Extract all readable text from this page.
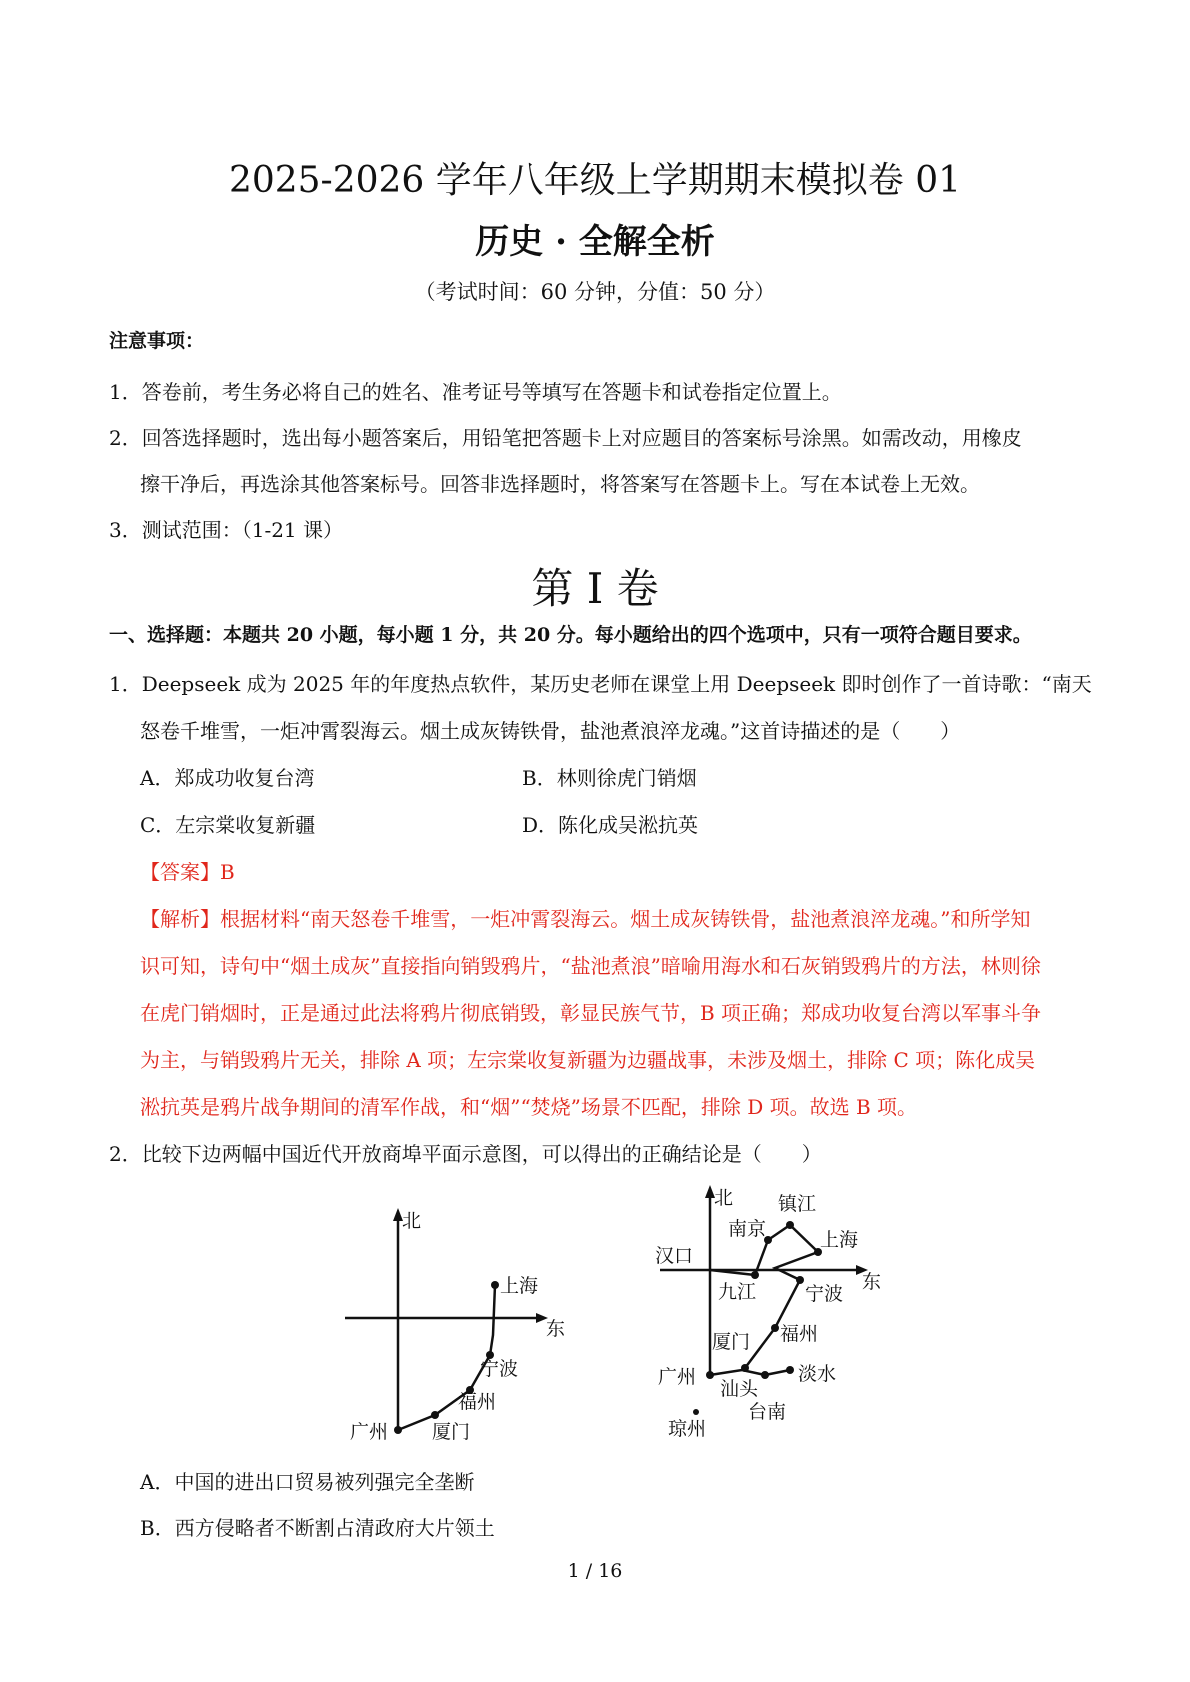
2025-2026 学年八年级上学期期末模拟卷 01
历史 · 全解全析
（考试时间：60 分钟，分值：50 分）
注意事项：
1．答卷前，考生务必将自己的姓名、准考证号等填写在答题卡和试卷指定位置上。
2．回答选择题时，选出每小题答案后，用铅笔把答题卡上对应题目的答案标号涂黑。如需改动，用橡皮
擦干净后，再选涂其他答案标号。回答非选择题时，将答案写在答题卡上。写在本试卷上无效。
3．测试范围：（1-21 课）
第 I 卷
一、选择题：本题共 20 小题，每小题 1 分，共 20 分。每小题给出的四个选项中，只有一项符合题目要求。
1．Deepseek 成为 2025 年的年度热点软件，某历史老师在课堂上用 Deepseek 即时创作了一首诗歌：“南天
怒卷千堆雪，一炬冲霄裂海云。烟土成灰铸铁骨，盐池煮浪淬龙魂。”这首诗描述的是（　　）
A．郑成功收复台湾	B．林则徐虎门销烟
C．左宗棠收复新疆	D．陈化成吴淞抗英
【答案】B
【解析】根据材料“南天怒卷千堆雪，一炬冲霄裂海云。烟土成灰铸铁骨，盐池煮浪淬龙魂。”和所学知
识可知，诗句中“烟土成灰”直接指向销毁鸦片，“盐池煮浪”暗喻用海水和石灰销毁鸦片的方法，林则徐
在虎门销烟时，正是通过此法将鸦片彻底销毁，彰显民族气节，B 项正确；郑成功收复台湾以军事斗争
为主，与销毁鸦片无关，排除 A 项；左宗棠收复新疆为边疆战事，未涉及烟土，排除 C 项；陈化成吴
淞抗英是鸦片战争期间的清军作战，和“烟”“焚烧”场景不匹配，排除 D 项。故选 B 项。
2．比较下边两幅中国近代开放商埠平面示意图，可以得出的正确结论是（　　）
北
东
上海
宁波
福州
广州 厦门
北
东
南京
镇江
汉口
上海
九江	宁波
厦门 福州
广州
汕头
淡水
台南
琼州
A．中国的进出口贸易被列强完全垄断
B．西方侵略者不断割占清政府大片领土
1 / 16
